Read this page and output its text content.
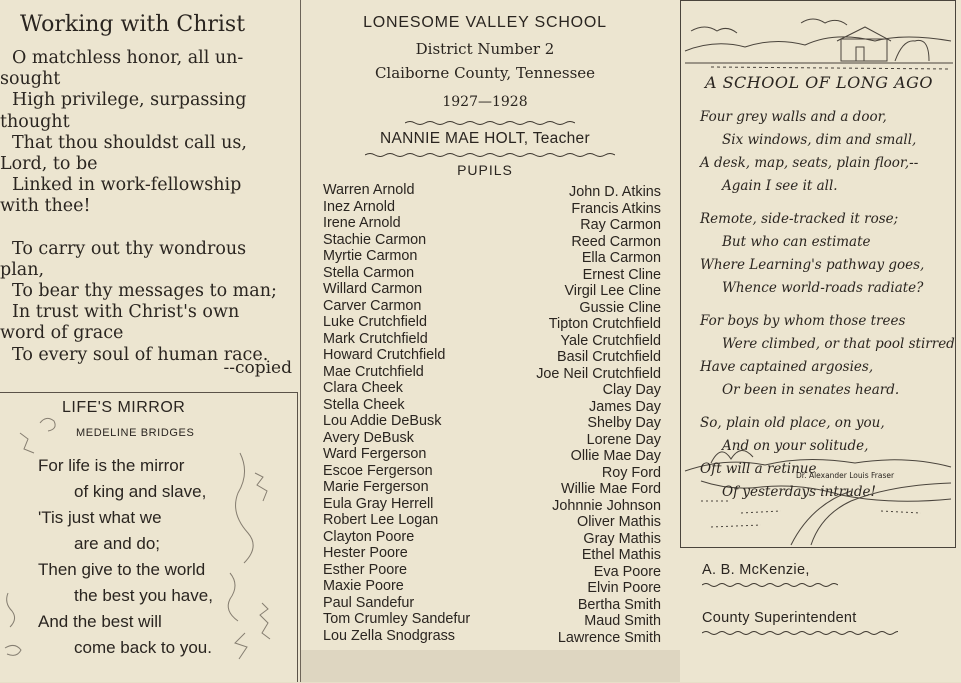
Working with Christ
O matchless honor, all un-
sought
High privilege, surpassing
thought
That thou shouldst call us,
Lord, to be
Linked in work-fellowship
with thee!
To carry out thy wondrous
plan,
To bear thy messages to man;
In trust with Christ's own
word of grace
To every soul of human race.
--copied
LIFE'S MIRROR
MEDELINE BRIDGES
For life is the mirror
of king and slave,
'Tis just what we
are and do;
Then give to the world
the best you have,
And the best will
come back to you.
LONESOME VALLEY SCHOOL
District Number 2
Claiborne County, Tennessee
1927—1928
NANNIE MAE HOLT, Teacher
PUPILS
Warren Arnold
Inez Arnold
Irene Arnold
Stachie Carmon
Myrtie Carmon
Stella Carmon
Willard Carmon
Carver Carmon
Luke Crutchfield
Mark Crutchfield
Howard Crutchfield
Mae Crutchfield
Clara Cheek
Stella Cheek
Lou Addie DeBusk
Avery DeBusk
Ward Fergerson
Escoe Fergerson
Marie Fergerson
Eula Gray Herrell
Robert Lee Logan
Clayton Poore
Hester Poore
Esther Poore
Maxie Poore
Paul Sandefur
Tom Crumley Sandefur
Lou Zella Snodgrass
John D. Atkins
Francis Atkins
Ray Carmon
Reed Carmon
Ella Carmon
Ernest Cline
Virgil Lee Cline
Gussie Cline
Tipton Crutchfield
Yale Crutchfield
Basil Crutchfield
Joe Neil Crutchfield
Clay Day
James Day
Shelby Day
Lorene Day
Ollie Mae Day
Roy Ford
Willie Mae Ford
Johnnie Johnson
Oliver Mathis
Gray Mathis
Ethel Mathis
Eva Poore
Elvin Poore
Bertha Smith
Maud Smith
Lawrence Smith
A SCHOOL OF LONG AGO
Four grey walls and a door,
Six windows, dim and small,
A desk, map, seats, plain floor,--
Again I see it all.
Remote, side-tracked it rose;
But who can estimate
Where Learning's pathway goes,
Whence world-roads radiate?
For boys by whom those trees
Were climbed, or that pool stirred
Have captained argosies,
Or been in senates heard.
So, plain old place, on you,
And on your solitude,
Oft will a retinue
Of yesterdays intrude!
Dr. Alexander Louis Fraser
A. B. McKenzie,
County Superintendent
